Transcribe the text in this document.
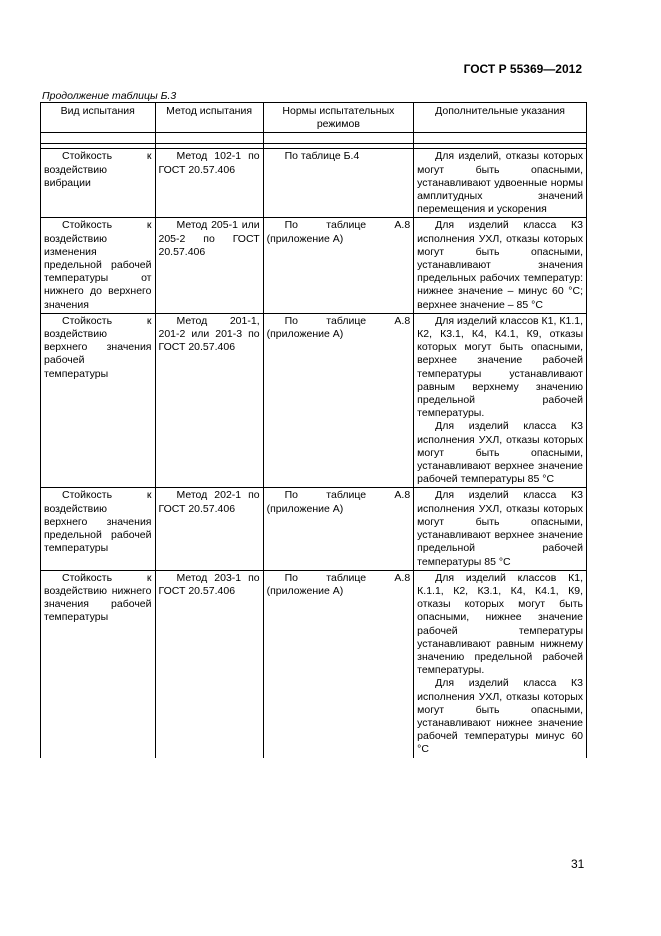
ГОСТ Р 55369—2012
Продолжение таблицы Б.3
Вид испытания	Метод испытания	Нормы испытательных режимов	Дополнительные указания

Стойкость к воздействию вибрации	Метод 102-1 по ГОСТ 20.57.406	По таблице Б.4	Для изделий, отказы которых могут быть опасными, устанавливают удвоенные нормы амплитудных значений перемещения и ускорения

Стойкость к воздействию изменения предельной рабочей температуры от нижнего до верхнего значения	Метод 205-1 или 205-2 по ГОСТ 20.57.406	По таблице А.8 (приложение А)	Для изделий класса К3 исполнения УХЛ, отказы которых могут быть опасными, устанавливают значения предельных рабочих температур: нижнее значение – минус 60 °С; верхнее значение – 85 °С

Стойкость к воздействию верхнего значения рабочей температуры	Метод 201-1, 201-2 или 201-3 по ГОСТ 20.57.406	По таблице А.8 (приложение А)	Для изделий классов К1, К1.1, К2, К3.1, К4, К4.1, К9, отказы которых могут быть опасными, верхнее значение рабочей температуры устанавливают равным верхнему значению предельной рабочей температуры.

Для изделий класса К3 исполнения УХЛ, отказы которых могут быть опасными, устанавливают верхнее значение рабочей температуры 85 °С

Стойкость к воздействию верхнего значения предельной рабочей температуры	Метод 202-1 по ГОСТ 20.57.406	По таблице А.8 (приложение А)	Для изделий класса К3 исполнения УХЛ, отказы которых могут быть опасными, устанавливают верхнее значение предельной рабочей температуры 85 °С

Стойкость к воздействию нижнего значения рабочей температуры	Метод 203-1 по ГОСТ 20.57.406	По таблице А.8 (приложение А)	Для изделий классов К1, К.1.1, К2, К3.1, К4, К4.1, К9, отказы которых могут быть опасными, нижнее значение рабочей температуры устанавливают равным нижнему значению предельной рабочей температуры.

Для изделий класса К3 исполнения УХЛ, отказы которых могут быть опасными, устанавливают нижнее значение рабочей температуры минус 60 °С

31
